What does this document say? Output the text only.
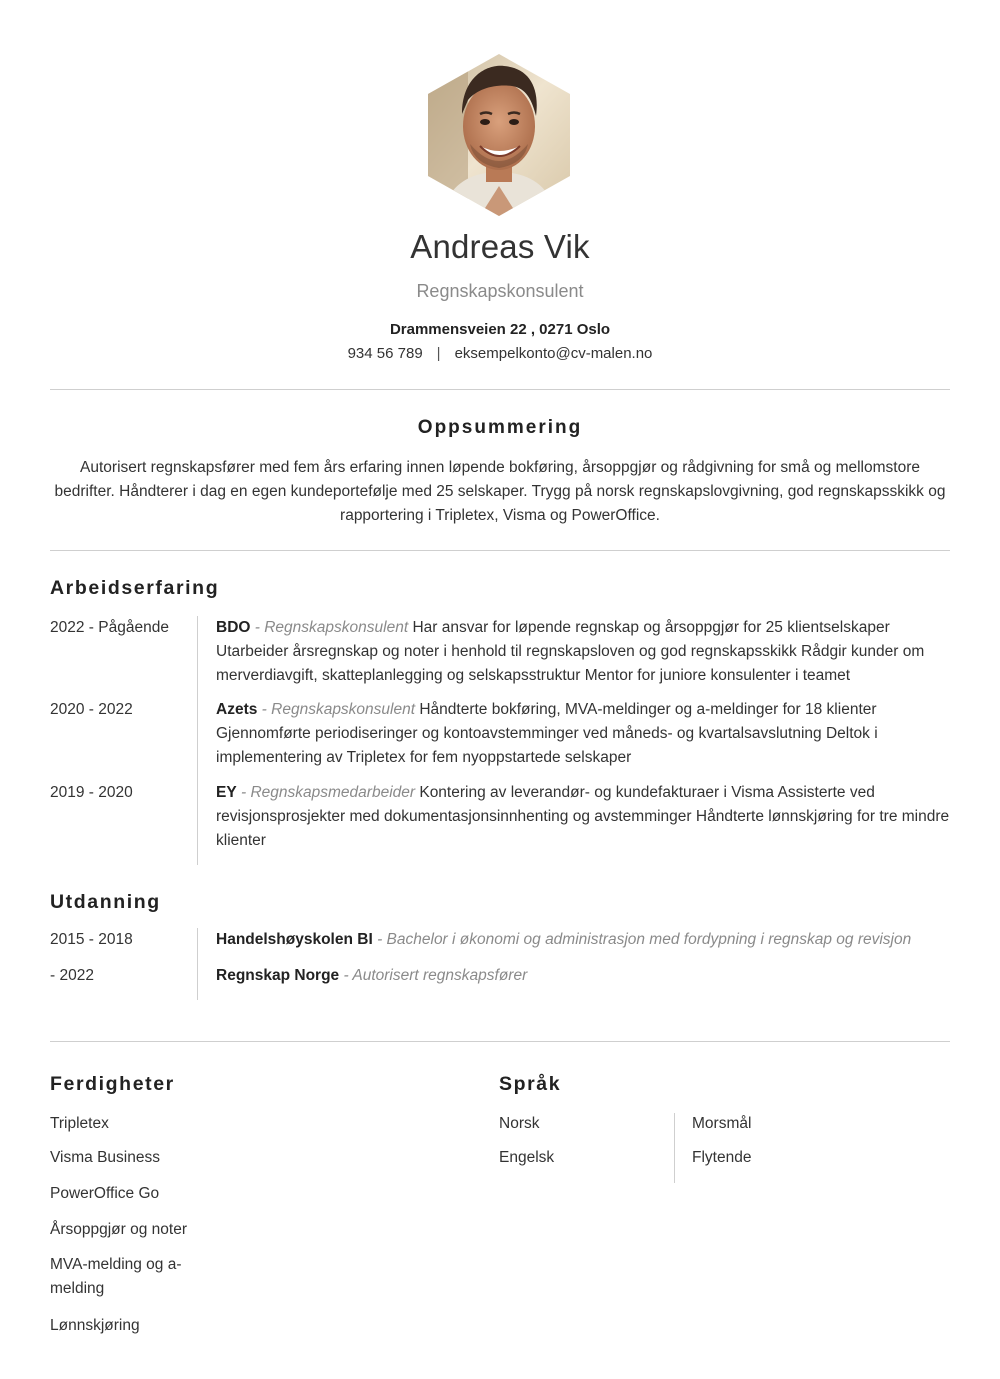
Andreas Vik
Regnskapskonsulent
Drammensveien 22 , 0271 Oslo
934 56 789 | eksempelkonto@cv-malen.no
Oppsummering
Autorisert regnskapsfører med fem års erfaring innen løpende bokføring, årsoppgjør og rådgivning for små og mellomstore bedrifter. Håndterer i dag en egen kundeportefølje med 25 selskaper. Trygg på norsk regnskapslovgivning, god regnskapsskikk og rapportering i Tripletex, Visma og PowerOffice.
Arbeidserfaring
2022 - Pågående	BDO - Regnskapskonsulent Har ansvar for løpende regnskap og årsoppgjør for 25 klientselskaper Utarbeider årsregnskap og noter i henhold til regnskapsloven og god regnskapsskikk Rådgir kunder om merverdiavgift, skatteplanlegging og selskapsstruktur Mentor for juniore konsulenter i teamet
2020 - 2022	Azets - Regnskapskonsulent Håndterte bokføring, MVA-meldinger og a-meldinger for 18 klienter Gjennomførte periodiseringer og kontoavstemminger ved måneds- og kvartalsavslutning Deltok i implementering av Tripletex for fem nyoppstartede selskaper
2019 - 2020	EY - Regnskapsmedarbeider Kontering av leverandør- og kundefakturaer i Visma Assisterte ved revisjonsprosjekter med dokumentasjonsinnhenting og avstemminger Håndterte lønnskjøring for tre mindre klienter
Utdanning
2015 - 2018	Handelshøyskolen BI - Bachelor i økonomi og administrasjon med fordypning i regnskap og revisjon
- 2022	Regnskap Norge - Autorisert regnskapsfører
Ferdigheter
Tripletex
Visma Business
PowerOffice Go
Årsoppgjør og noter
MVA-melding og a-melding
Lønnskjøring
Språk
Norsk	Morsmål
Engelsk	Flytende
